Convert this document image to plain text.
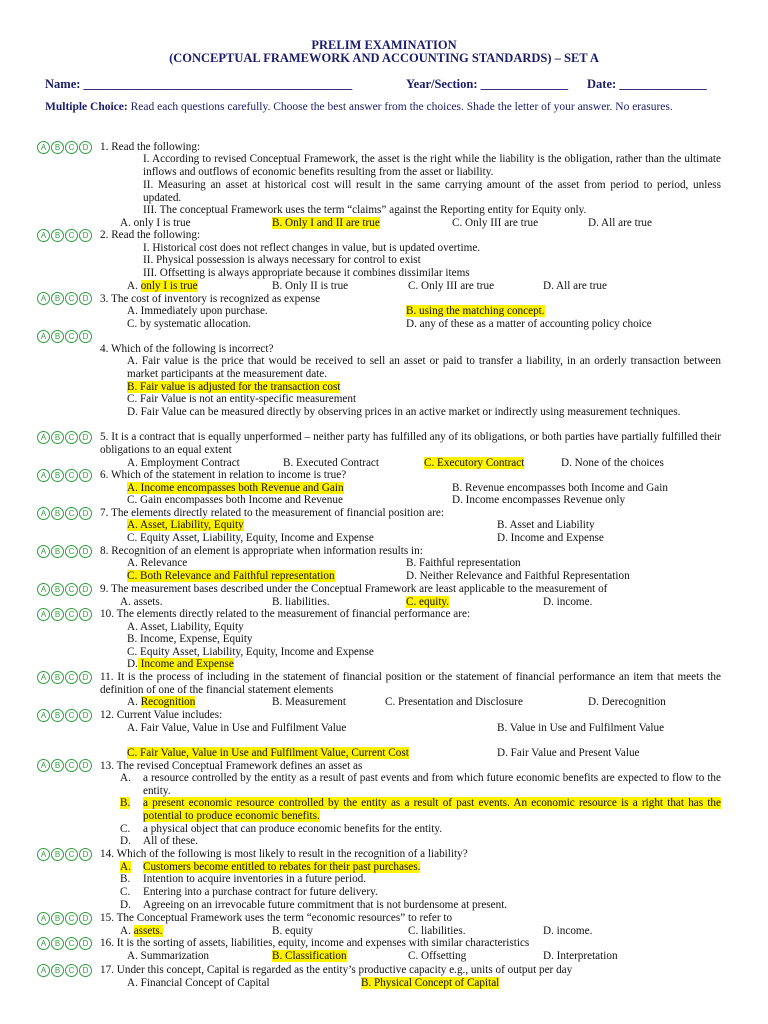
PRELIM EXAMINATION
(CONCEPTUAL FRAMEWORK AND ACCOUNTING STANDARDS) – SET A
Name: ___________________________________________	Year/Section: ______________ Date: ______________
Multiple Choice: Read each questions carefully. Choose the best answer from the choices. Shade the letter of your answer. No erasures.
A	B	C	D	1. Read the following:
I. According to revised Conceptual Framework, the asset is the right while the liability is the obligation, rather than the ultimate inflows and outflows of economic benefits resulting from the asset or liability.
II. Measuring an asset at historical cost will result in the same carrying amount of the asset from period to period, unless updated.
III. The conceptual Framework uses the term “claims” against the Reporting entity for Equity only.
A. only I is true	B. Only I and II are true	C. Only III are true	D. All are true
A	B	C	D	2. Read the following:
I. Historical cost does not reflect changes in value, but is updated overtime.
II. Physical possession is always necessary for control to exist
III. Offsetting is always appropriate because it combines dissimilar items
A. only I is true	B. Only II is true	C. Only III are true	D. All are true
A	B	C	D	3. The cost of inventory is recognized as expense
A. Immediately upon purchase.	B. using the matching concept.
C. by systematic allocation.	D. any of these as a matter of accounting policy choice
A	B	C	D
4. Which of the following is incorrect?
A. Fair value is the price that would be received to sell an asset or paid to transfer a liability, in an orderly transaction between market participants at the measurement date.
B. Fair value is adjusted for the transaction cost
C. Fair Value is not an entity-specific measurement
D. Fair Value can be measured directly by observing prices in an active market or indirectly using measurement techniques.
A	B	C	D	5. It is a contract that is equally unperformed – neither party has fulfilled any of its obligations, or both parties have partially fulfilled their obligations to an equal extent
A. Employment Contract	B. Executed Contract	C. Executory Contract	D. None of the choices
A	B	C	D	6. Which of the statement in relation to income is true?
A. Income encompasses both Revenue and Gain	B. Revenue encompasses both Income and Gain
C. Gain encompasses both Income and Revenue	D. Income encompasses Revenue only
A	B	C	D	7. The elements directly related to the measurement of financial position are:
A. Asset, Liability, Equity	B. Asset and Liability
C. Equity Asset, Liability, Equity, Income and Expense	D. Income and Expense
A	B	C	D	8. Recognition of an element is appropriate when information results in:
A. Relevance	B. Faithful representation
C. Both Relevance and Faithful representation	D. Neither Relevance and Faithful Representation
A	B	C	D	9. The measurement bases described under the Conceptual Framework are least applicable to the measurement of
A. assets.	B. liabilities.	C. equity.	D. income.
A	B	C	D	10. The elements directly related to the measurement of financial performance are:
A. Asset, Liability, Equity
B. Income, Expense, Equity
C. Equity Asset, Liability, Equity, Income and Expense
D. Income and Expense
A	B	C	D	11. It is the process of including in the statement of financial position or the statement of financial performance an item that meets the definition of one of the financial statement elements
A. Recognition	B. Measurement	C. Presentation and Disclosure	D. Derecognition
A	B	C	D	12. Current Value includes:
A. Fair Value, Value in Use and Fulfilment Value	B. Value in Use and Fulfilment Value
C. Fair Value, Value in Use and Fulfilment Value, Current Cost	D. Fair Value and Present Value
A	B	C	D	13. The revised Conceptual Framework defines an asset as
A. a resource controlled by the entity as a result of past events and from which future economic benefits are expected to flow to the entity.
B. a present economic resource controlled by the entity as a result of past events. An economic resource is a right that has the potential to produce economic benefits.
C. a physical object that can produce economic benefits for the entity.
D. All of these.
A	B	C	D	14. Which of the following is most likely to result in the recognition of a liability?
A. Customers become entitled to rebates for their past purchases.
B. Intention to acquire inventories in a future period.
C. Entering into a purchase contract for future delivery.
D. Agreeing on an irrevocable future commitment that is not burdensome at present.
A	B	C	D	15. The Conceptual Framework uses the term “economic resources” to refer to
A. assets.	B. equity	C. liabilities.	D. income.
A	B	C	D	16. It is the sorting of assets, liabilities, equity, income and expenses with similar characteristics
A. Summarization	B. Classification	C. Offsetting	D. Interpretation
A	B	C	D	17. Under this concept, Capital is regarded as the entity’s productive capacity e.g., units of output per day
A. Financial Concept of Capital	B. Physical Concept of Capital
